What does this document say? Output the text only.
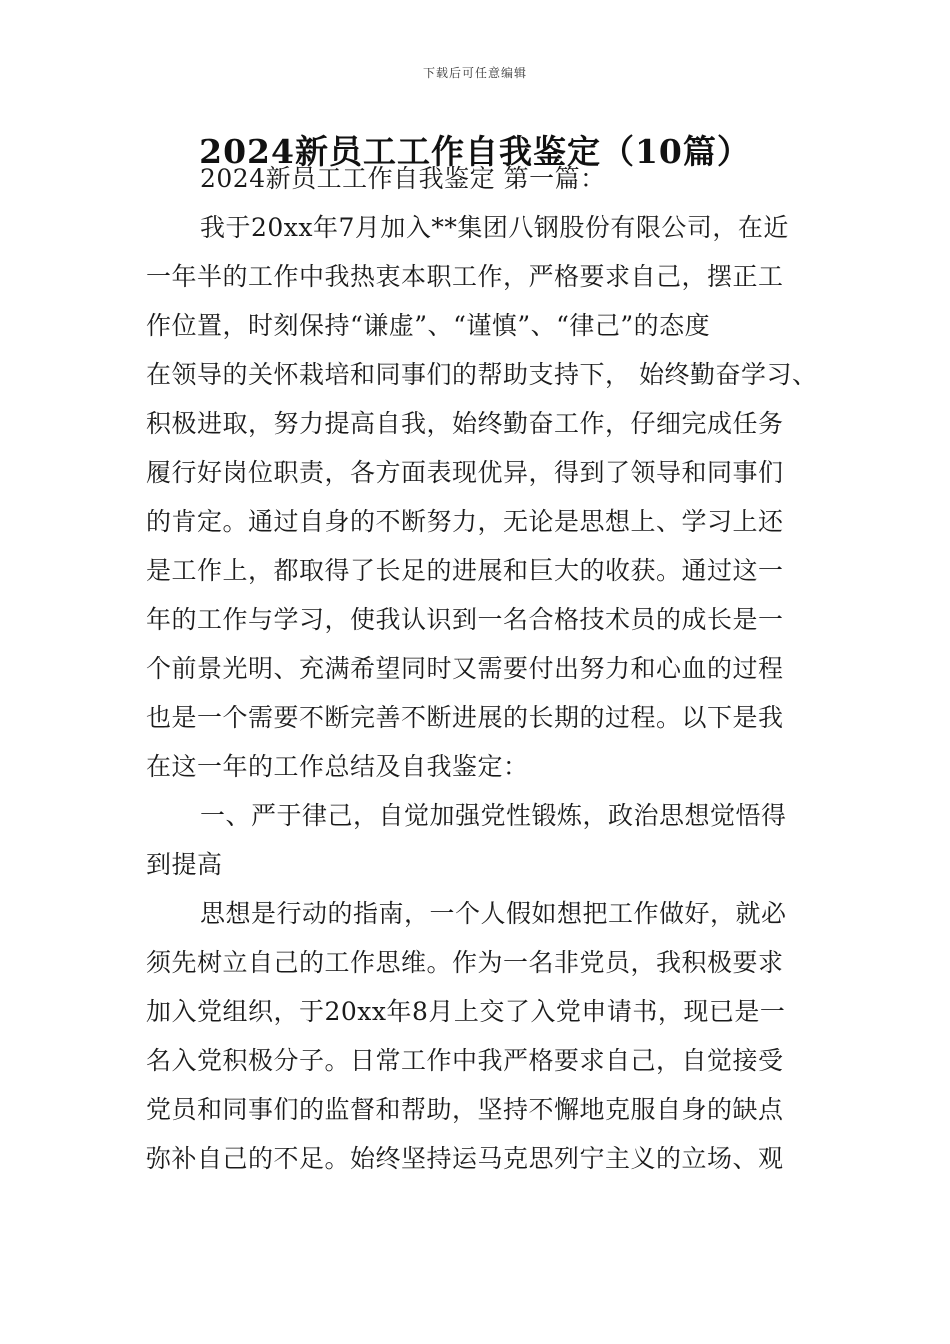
下载后可任意编辑
2024新员工工作自我鉴定（10篇）
2024新员工工作自我鉴定 第一篇：
我于20xx年7月加入**集团八钢股份有限公司，在近
一年半的工作中我热衷本职工作，严格要求自己，摆正工
作位置，时刻保持“谦虚”、“谨慎”、“律己”的态度
在领导的关怀栽培和同事们的帮助支持下， 始终勤奋学习、
积极进取，努力提高自我，始终勤奋工作，仔细完成任务
履行好岗位职责，各方面表现优异，得到了领导和同事们
的肯定。通过自身的不断努力，无论是思想上、学习上还
是工作上，都取得了长足的进展和巨大的收获。通过这一
年的工作与学习，使我认识到一名合格技术员的成长是一
个前景光明、充满希望同时又需要付出努力和心血的过程
也是一个需要不断完善不断进展的长期的过程。以下是我
在这一年的工作总结及自我鉴定：
一、严于律己，自觉加强党性锻炼，政治思想觉悟得
到提高
思想是行动的指南，一个人假如想把工作做好，就必
须先树立自己的工作思维。作为一名非党员，我积极要求
加入党组织，于20xx年8月上交了入党申请书，现已是一
名入党积极分子。日常工作中我严格要求自己，自觉接受
党员和同事们的监督和帮助，坚持不懈地克服自身的缺点
弥补自己的不足。始终坚持运马克思列宁主义的立场、观
